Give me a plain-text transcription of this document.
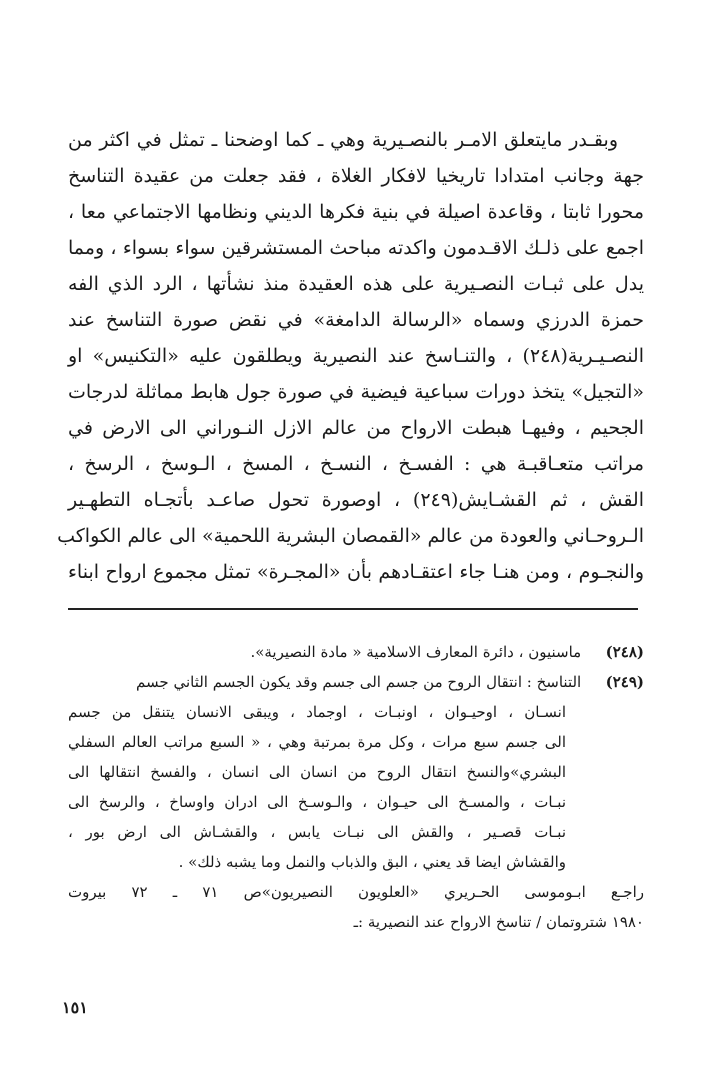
وبقـدر مايتعلق الامـر بالنصـيرية وهي ـ كما اوضحنا ـ تمثل في اكثر من
جهة وجانب امتدادا تاريخيا لافكار الغلاة ، فقد جعلت من عقيدة التناسخ
محورا ثابتا ، وقاعدة اصيلة في بنية فكرها الديني ونظامها الاجتماعي معا ،
اجمع على ذلـك الاقـدمون واكدته مباحث المستشرقين سواء بسواء ، ومما
يدل على ثبـات النصـيرية على هذه العقيدة منذ نشأتها ، الرد الذي الفه
حمزة الدرزي وسماه «الرسالة الدامغة» في نقض صورة التناسخ عند
النصـيـرية(٢٤٨) ، والتنـاسخ عند النصيرية ويطلقون عليه «التكنيس» او
«التجيل» يتخذ دورات سباعية فيضية في صورة جول هابط مماثلة لدرجات
الجحيم ، وفيهـا هبطت الارواح من عالم الازل النـوراني الى الارض في
مراتب متعـاقبـة هي : الفسـخ ، النسـخ ، المسخ ، الـوسخ ، الرسخ ،
القش ، ثم القشـايش(٢٤٩) ، اوصورة تحول صاعـد بأتجـاه التطهـير
الـروحـاني والعودة من عالم «القمصان البشرية اللحمية» الى عالم الكواكب
والنجـوم ، ومن هنـا جاء اعتقـادهم بأن «المجـرة» تمثل مجموع ارواح ابناء
(٢٤٨) ماسنيون ، دائرة المعارف الاسلامية « مادة النصيرية».
(٢٤٩) التناسخ : انتقال الروح من جسم الى جسم وقد يكون الجسم الثاني جسم
انسـان ، اوحيـوان ، اونبـات ، اوجماد ، ويبقى الانسان يتنقل من جسم
الى جسم سبع مرات ، وكل مرة بمرتبة وهي ، « السبع مراتب العالم السفلي
البشري»والنسخ انتقال الروح من انسان الى انسان ، والفسخ انتقالها الى
نبـات ، والمسـخ الى حيـوان ، والـوسـخ الى ادران واوساخ ، والرسخ الى
نبـات قصـير ، والقش الى نبـات يابس ، والقشـاش الى ارض بور ،
والقشاش ايضا قد يعني ، البق والذباب والنمل وما يشبه ذلك» .
راجـع ابـوموسى الحـريري «العلويون النصيريون»ص ٧١ ـ ٧٢ بيروت
١٩٨٠ شتروتمان / تناسخ الارواح عند النصيرية :ـ
١٥١
